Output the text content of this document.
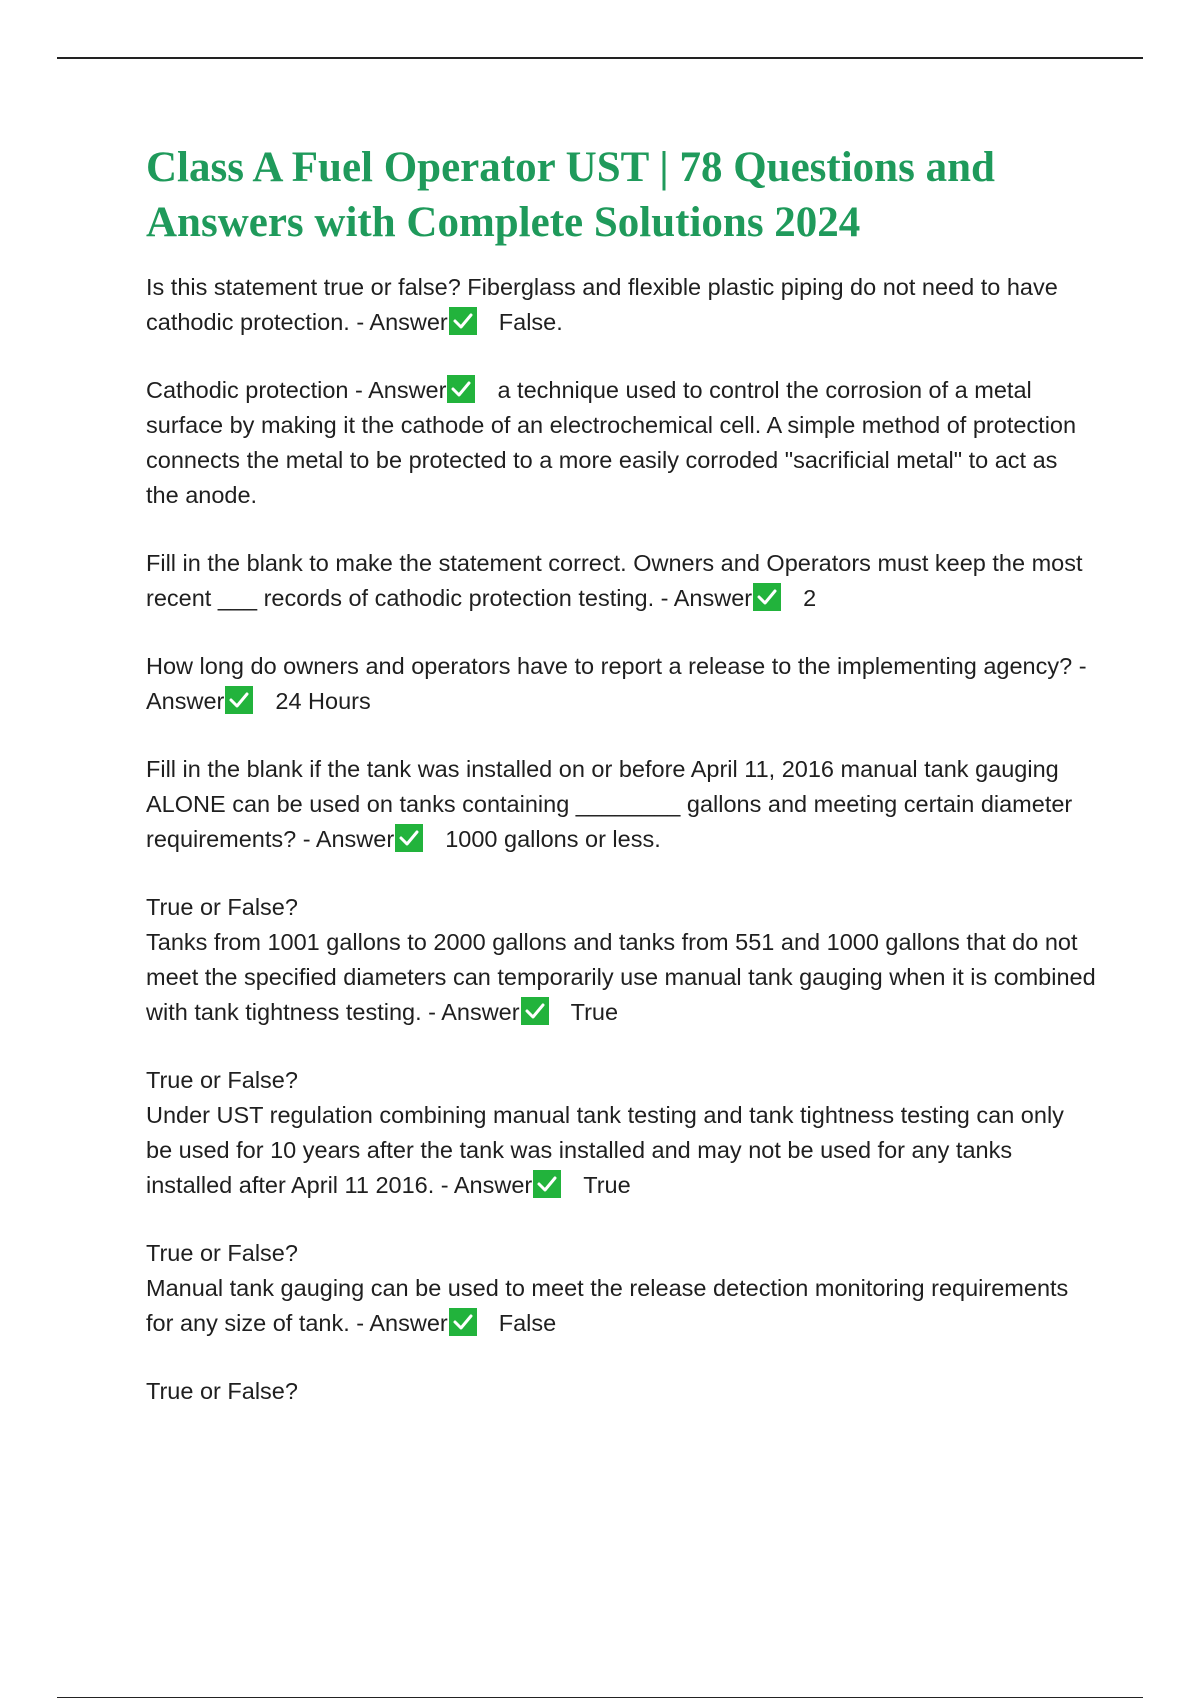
Class A Fuel Operator UST | 78 Questions and Answers with Complete Solutions 2024
Is this statement true or false? Fiberglass and flexible plastic piping do not need to have cathodic protection. - Answer False.
Cathodic protection - Answer a technique used to control the corrosion of a metal surface by making it the cathode of an electrochemical cell. A simple method of protection connects the metal to be protected to a more easily corroded "sacrificial metal" to act as the anode.
Fill in the blank to make the statement correct. Owners and Operators must keep the most recent ___ records of cathodic protection testing. - Answer 2
How long do owners and operators have to report a release to the implementing agency? - Answer 24 Hours
Fill in the blank if the tank was installed on or before April 11, 2016 manual tank gauging ALONE can be used on tanks containing ________ gallons and meeting certain diameter requirements? - Answer 1000 gallons or less.
True or False?
Tanks from 1001 gallons to 2000 gallons and tanks from 551 and 1000 gallons that do not meet the specified diameters can temporarily use manual tank gauging when it is combined with tank tightness testing. - Answer True
True or False?
Under UST regulation combining manual tank testing and tank tightness testing can only be used for 10 years after the tank was installed and may not be used for any tanks installed after April 11 2016. - Answer True
True or False?
Manual tank gauging can be used to meet the release detection monitoring requirements for any size of tank. - Answer False
True or False?
